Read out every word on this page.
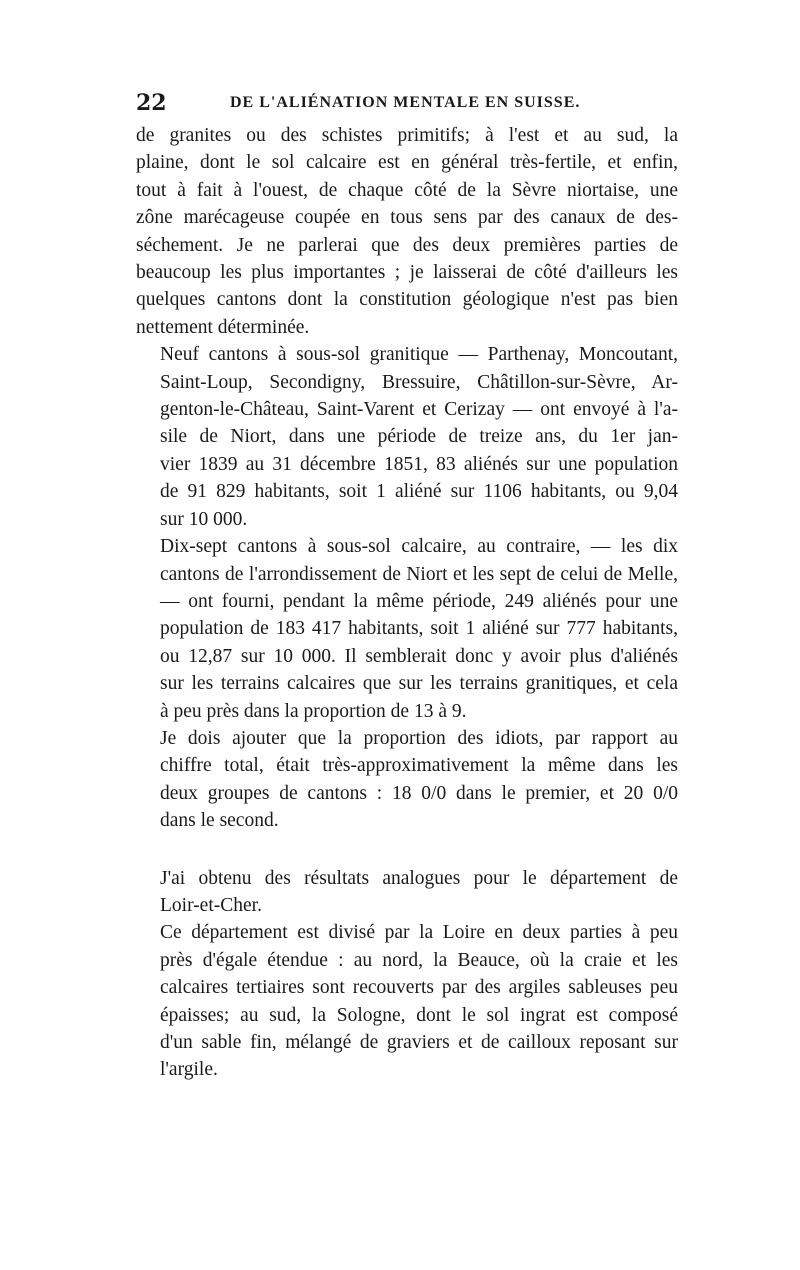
22	DE L'ALIÉNATION MENTALE EN SUISSE.

de granites ou des schistes primitifs; à l'est et au sud, la
plaine, dont le sol calcaire est en général très-fertile, et enfin,
tout à fait à l'ouest, de chaque côté de la Sèvre niortaise, une
zône marécageuse coupée en tous sens par des canaux de des-
séchement. Je ne parlerai que des deux premières parties de
beaucoup les plus importantes ; je laisserai de côté d'ailleurs les
quelques cantons dont la constitution géologique n'est pas bien
nettement déterminée.

Neuf cantons à sous-sol granitique — Parthenay, Moncoutant,
Saint-Loup, Secondigny, Bressuire, Châtillon-sur-Sèvre, Ar-
genton-le-Château, Saint-Varent et Cerizay — ont envoyé à l'a-
sile de Niort, dans une période de treize ans, du 1er jan-
vier 1839 au 31 décembre 1851, 83 aliénés sur une population
de 91 829 habitants, soit 1 aliéné sur 1106 habitants, ou 9,04
sur 10 000.

Dix-sept cantons à sous-sol calcaire, au contraire, — les dix
cantons de l'arrondissement de Niort et les sept de celui de Melle,
— ont fourni, pendant la même période, 249 aliénés pour une
population de 183 417 habitants, soit 1 aliéné sur 777 habitants,
ou 12,87 sur 10 000. Il semblerait donc y avoir plus d'aliénés
sur les terrains calcaires que sur les terrains granitiques, et cela
à peu près dans la proportion de 13 à 9.

Je dois ajouter que la proportion des idiots, par rapport au
chiffre total, était très-approximativement la même dans les
deux groupes de cantons : 18 0/0 dans le premier, et 20 0/0
dans le second.

J'ai obtenu des résultats analogues pour le département de
Loir-et-Cher.

Ce département est divisé par la Loire en deux parties à peu
près d'égale étendue : au nord, la Beauce, où la craie et les
calcaires tertiaires sont recouverts par des argiles sableuses peu
épaisses; au sud, la Sologne, dont le sol ingrat est composé
d'un sable fin, mélangé de graviers et de cailloux reposant sur
l'argile.
